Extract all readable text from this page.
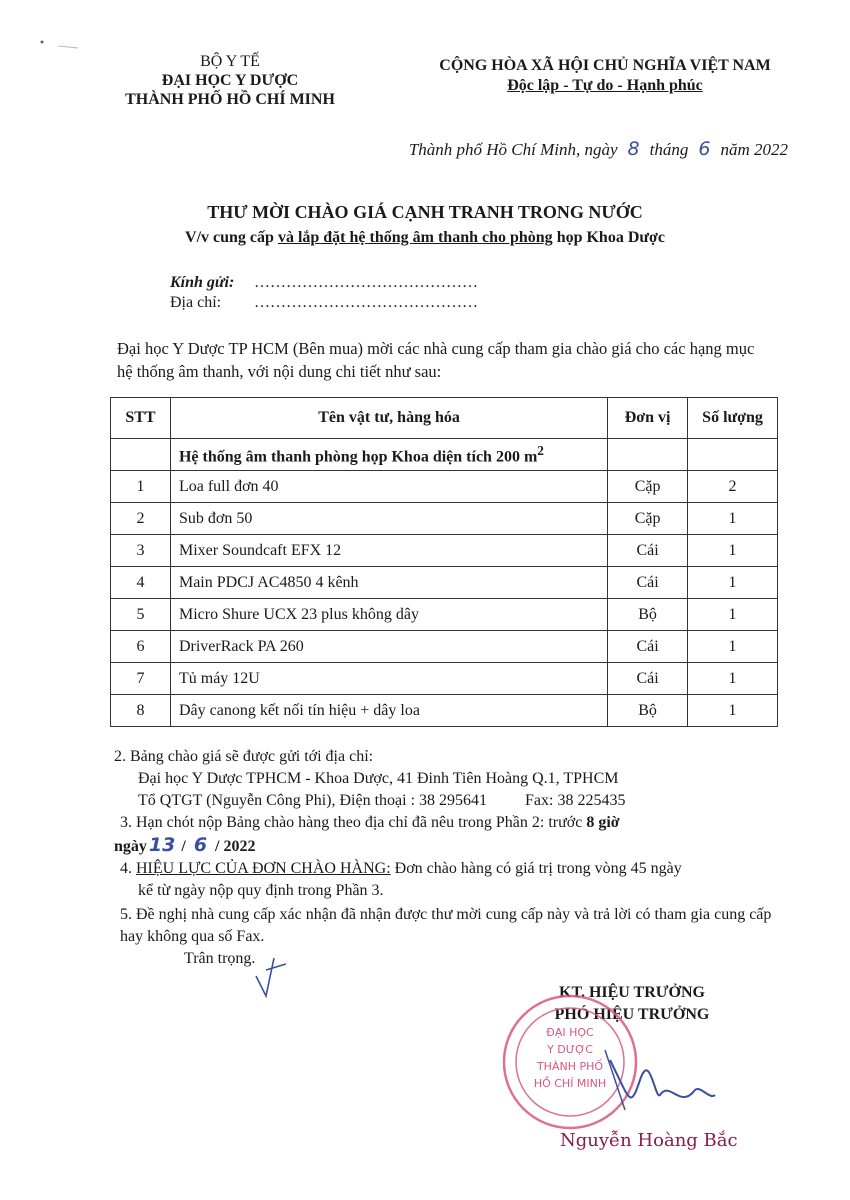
BỘ Y TẾ
ĐẠI HỌC Y DƯỢC
THÀNH PHỐ HỒ CHÍ MINH
CỘNG HÒA XÃ HỘI CHỦ NGHĨA VIỆT NAM
Độc lập - Tự do - Hạnh phúc
Thành phố Hồ Chí Minh, ngày 8 tháng 6 năm 2022
THƯ MỜI CHÀO GIÁ CẠNH TRANH TRONG NƯỚC
V/v cung cấp và lắp đặt hệ thống âm thanh cho phòng họp Khoa Dược
Kính gửi: ……………………………………
Địa chỉ: ……………………………………
Đại học Y Dược TP HCM (Bên mua) mời các nhà cung cấp tham gia chào giá cho các hạng mục hệ thống âm thanh, với nội dung chi tiết như sau:
STT	Tên vật tư, hàng hóa	Đơn vị	Số lượng
	Hệ thống âm thanh phòng họp Khoa diện tích 200 $m^2$		
1	Loa full đơn 40	Cặp	2
2	Sub đơn 50	Cặp	1
3	Mixer Soundcaft EFX 12	Cái	1
4	Main PDCJ AC4850 4 kênh	Cái	1
5	Micro Shure UCX 23 plus không dây	Bộ	1
6	DriverRack PA 260	Cái	1
7	Tủ máy 12U	Cái	1
8	Dây canong kết nối tín hiệu + dây loa	Bộ	1

2. Bảng chào giá sẽ được gửi tới địa chỉ:

Đại học Y Dược TPHCM - Khoa Dược, 41 Đinh Tiên Hoàng Q.1, TPHCM

Tổ QTGT (Nguyễn Công Phi), Điện thoại : 38 295641 Fax: 38 225435

3. Hạn chót nộp Bảng chào hàng theo địa chỉ đã nêu trong Phần 2: trước 8 giờ

ngày 13 / 6 / 2022

4. HIỆU LỰC CỦA ĐƠN CHÀO HÀNG: Đơn chào hàng có giá trị trong vòng 45 ngày

kể từ ngày nộp quy định trong Phần 3.

5. Đề nghị nhà cung cấp xác nhận đã nhận được thư mời cung cấp này và trả lời có tham gia cung cấp hay không qua số Fax.

Trân trọng.

KT. HIỆU TRƯỞNG
PHÓ HIỆU TRƯỞNG
ĐẠI HỌC
Y DƯỢC
THÀNH PHỐ
HỒ CHÍ MINH
Nguyễn Hoàng Bắc
